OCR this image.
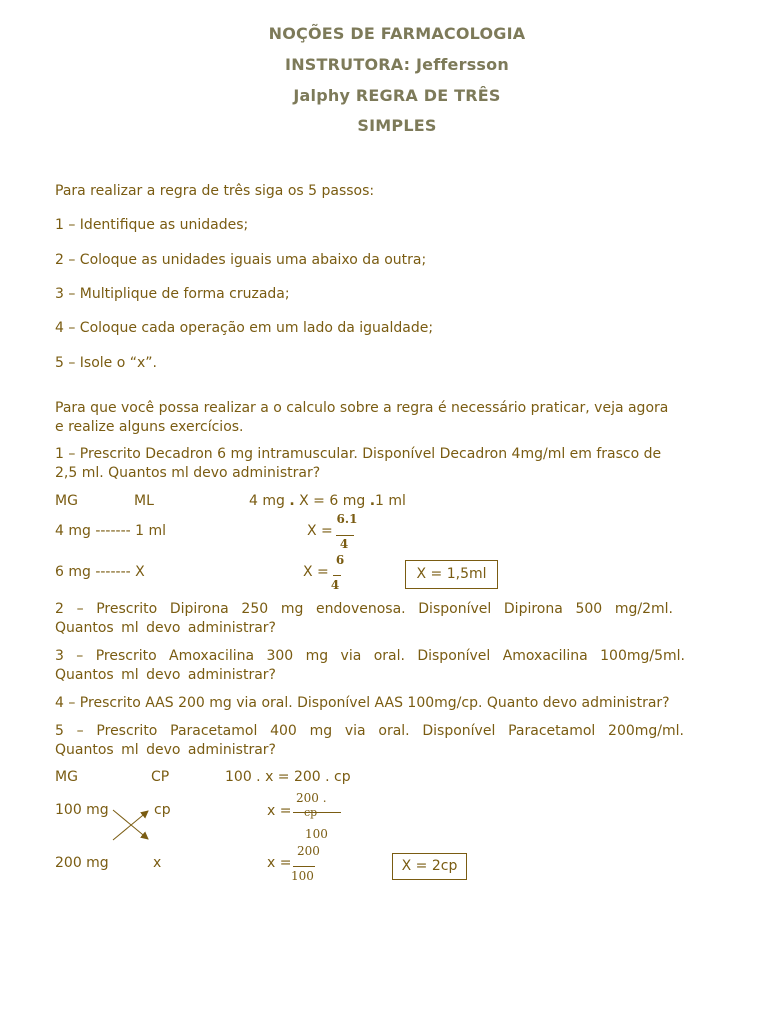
NOÇÕES DE FARMACOLOGIA
INSTRUTORA: Jeffersson
Jalphy REGRA DE TRÊS
SIMPLES
Para realizar a regra de três siga os 5 passos:
1 – Identifique as unidades;
2 – Coloque as unidades iguais uma abaixo da outra;
3 – Multiplique de forma cruzada;
4 – Coloque cada operação em um lado da igualdade;
5 – Isole o “x”.
Para que você possa realizar a o calculo sobre a regra é necessário praticar, veja agora
e realize alguns exercícios.
1 – Prescrito Decadron 6 mg intramuscular. Disponível Decadron 4mg/ml em frasco de
2,5 ml. Quantos ml devo administrar?
MG	ML	4 mg . X = 6 mg .1 ml
4 mg ------- 1 ml	X =
6.1
4
6 mg ------- X	X =
6
4
X = 1,5ml
2 – Prescrito Dipirona 250 mg endovenosa. Disponível Dipirona 500 mg/2ml.
Quantos ml devo administrar?
3 – Prescrito Amoxacilina 300 mg via oral. Disponível Amoxacilina 100mg/5ml.
Quantos ml devo administrar?
4 – Prescrito AAS 200 mg via oral. Disponível AAS 100mg/cp. Quanto devo administrar?
5 – Prescrito Paracetamol 400 mg via oral. Disponível Paracetamol 200mg/ml.
Quantos ml devo administrar?
MG	CP	100 . x = 200 . cp
100 mg	cp	x =
200 .
cp
100
200 mg	x	x =
200
100
X = 2cp
